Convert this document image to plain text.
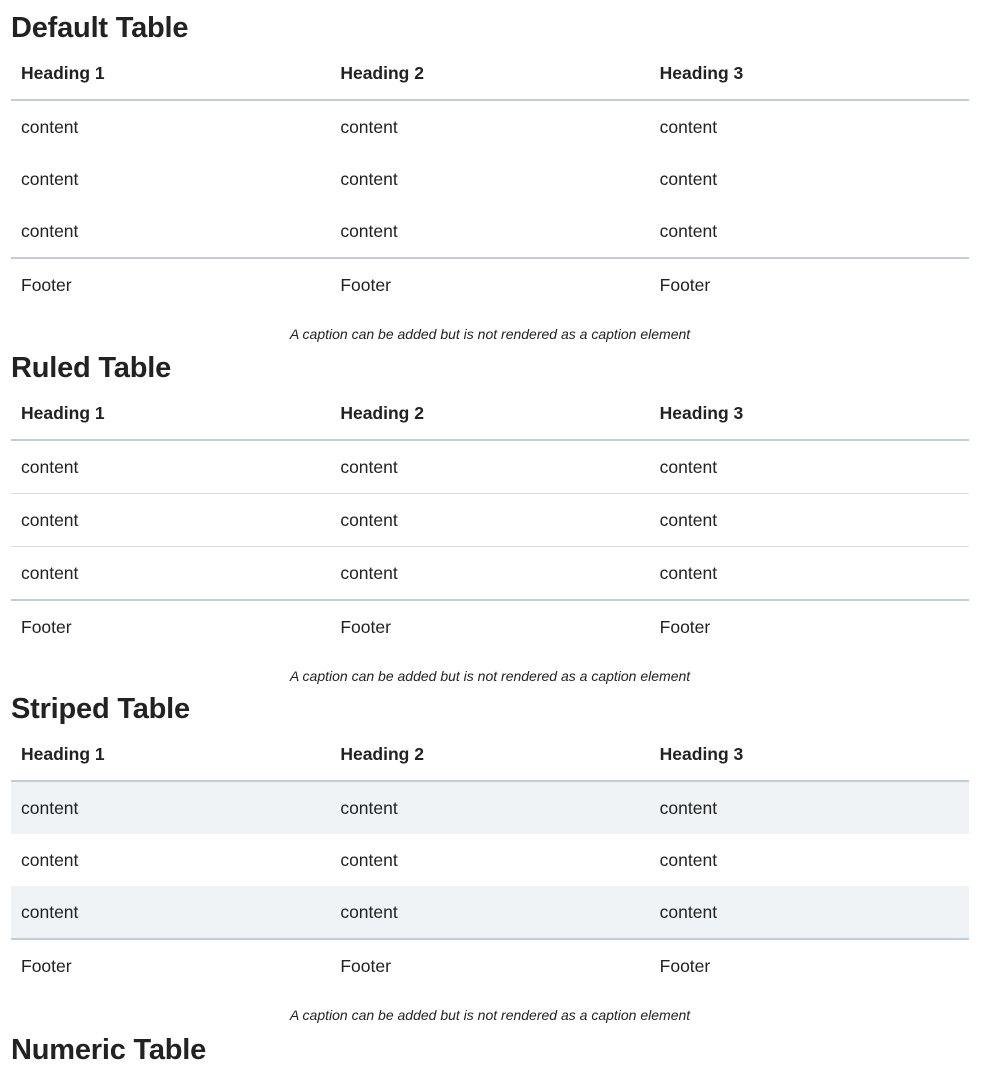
Default Table
Heading 1	Heading 2	Heading 3
content	content	content
content	content	content
content	content	content
Footer	Footer	Footer
A caption can be added but is not rendered as a caption element
Ruled Table
Heading 1	Heading 2	Heading 3
content	content	content
content	content	content
content	content	content
Footer	Footer	Footer
A caption can be added but is not rendered as a caption element
Striped Table
Heading 1	Heading 2	Heading 3
content	content	content
content	content	content
content	content	content
Footer	Footer	Footer
A caption can be added but is not rendered as a caption element
Numeric Table
